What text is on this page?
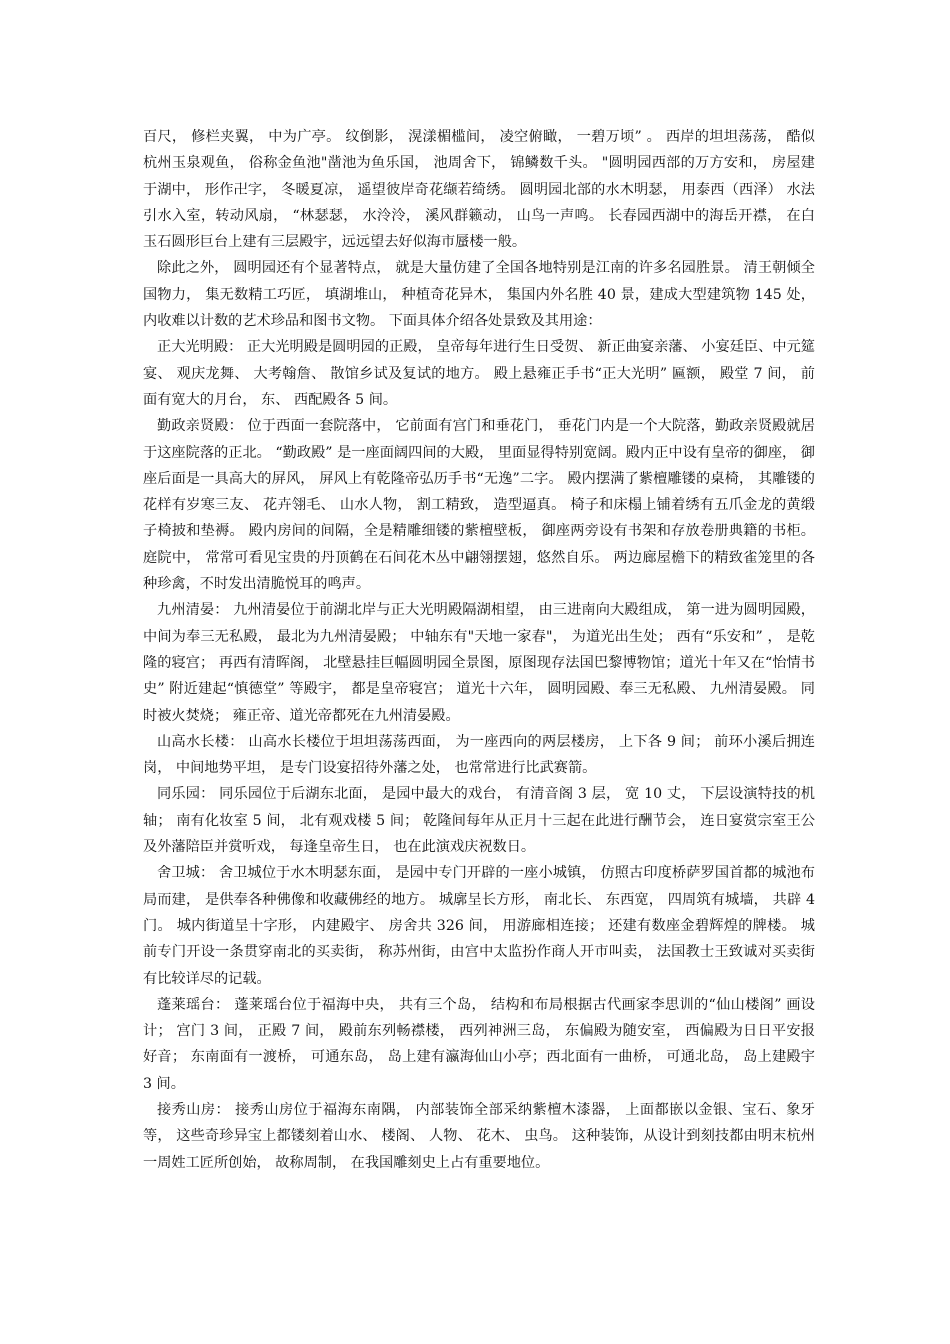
百尺， 修栏夹翼， 中为广亭。 纹倒影， 滉漾楣槛间， 凌空俯瞰， 一碧万顷” 。 西岸的坦坦荡荡， 酷似杭州玉泉观鱼， 俗称金鱼池"凿池为鱼乐国， 池周舍下， 锦鳞数千头。 "圆明园西部的万方安和， 房屋建于湖中， 形作卍字， 冬暖夏凉， 遥望彼岸奇花缬若绮绣。 圆明园北部的水木明瑟， 用泰西（西泽） 水法引水入室，转动风扇， “林瑟瑟， 水泠泠， 溪风群籁动， 山鸟一声鸣。 长春园西湖中的海岳开襟， 在白玉石圆形巨台上建有三层殿宇，远远望去好似海市蜃楼一般。

除此之外， 圆明园还有个显著特点， 就是大量仿建了全国各地特别是江南的许多名园胜景。 清王朝倾全国物力， 集无数精工巧匠， 填湖堆山， 种植奇花异木， 集国内外名胜 40 景，建成大型建筑物 145 处， 内收难以计数的艺术珍品和图书文物。 下面具体介绍各处景致及其用途：

正大光明殿： 正大光明殿是圆明园的正殿， 皇帝每年进行生日受贺、 新正曲宴亲藩、 小宴廷臣、中元筵宴、 观庆龙舞、 大考翰詹、 散馆乡试及复试的地方。 殿上悬雍正手书“正大光明” 匾额， 殿堂 7 间， 前面有宽大的月台， 东、 西配殿各 5 间。

勤政亲贤殿： 位于西面一套院落中， 它前面有宫门和垂花门， 垂花门内是一个大院落，勤政亲贤殿就居于这座院落的正北。 “勤政殿” 是一座面阔四间的大殿， 里面显得特别宽阔。殿内正中设有皇帝的御座， 御座后面是一具高大的屏风， 屏风上有乾隆帝弘历手书“无逸”二字。 殿内摆满了紫檀雕镂的桌椅， 其雕镂的花样有岁寒三友、 花卉翎毛、 山水人物， 割工精致， 造型逼真。 椅子和床榻上铺着绣有五爪金龙的黄缎子椅披和垫褥。 殿内房间的间隔，全是精雕细镂的紫檀壁板， 御座两旁设有书架和存放卷册典籍的书柜。 庭院中， 常常可看见宝贵的丹顶鹤在石间花木丛中翩翎摆翅，悠然自乐。 两边廊屋檐下的精致雀笼里的各种珍禽，不时发出清脆悦耳的鸣声。

九州清晏： 九州清晏位于前湖北岸与正大光明殿隔湖相望， 由三进南向大殿组成， 第一进为圆明园殿， 中间为奉三无私殿， 最北为九州清晏殿； 中轴东有"天地一家春"， 为道光出生处； 西有“乐安和” ， 是乾隆的寝宫； 再西有清晖阁， 北壁悬挂巨幅圆明园全景图，原图现存法国巴黎博物馆；道光十年又在“怡情书史” 附近建起“慎德堂” 等殿宇， 都是皇帝寝宫； 道光十六年， 圆明园殿、奉三无私殿、 九州清晏殿。 同时被火焚烧； 雍正帝、道光帝都死在九州清晏殿。

山高水长楼： 山高水长楼位于坦坦荡荡西面， 为一座西向的两层楼房， 上下各 9 间； 前环小溪后拥连岗， 中间地势平坦， 是专门设宴招待外藩之处， 也常常进行比武赛箭。

同乐园： 同乐园位于后湖东北面， 是园中最大的戏台， 有清音阁 3 层， 宽 10 丈， 下层设演特技的机轴； 南有化妆室 5 间， 北有观戏楼 5 间； 乾隆间每年从正月十三起在此进行酬节会， 连日宴赏宗室王公及外藩陪臣并赏听戏， 每逢皇帝生日， 也在此演戏庆祝数日。

舍卫城： 舍卫城位于水木明瑟东面， 是园中专门开辟的一座小城镇， 仿照古印度桥萨罗国首都的城池布局而建， 是供奉各种佛像和收藏佛经的地方。 城廓呈长方形， 南北长、 东西宽， 四周筑有城墙， 共辟 4 门。 城内街道呈十字形， 内建殿宇、 房舍共 326 间， 用游廊相连接； 还建有数座金碧辉煌的牌楼。 城前专门开设一条贯穿南北的买卖街， 称苏州街，由宫中太监扮作商人开市叫卖， 法国教士王致诚对买卖街有比较详尽的记载。

蓬莱瑶台： 蓬莱瑶台位于福海中央， 共有三个岛， 结构和布局根据古代画家李思训的“仙山楼阁” 画设计； 宫门 3 间， 正殿 7 间， 殿前东列畅襟楼， 西列神洲三岛， 东偏殿为随安室， 西偏殿为日日平安报好音； 东南面有一渡桥， 可通东岛， 岛上建有瀛海仙山小亭；西北面有一曲桥， 可通北岛， 岛上建殿宇 3 间。

接秀山房： 接秀山房位于福海东南隅， 内部装饰全部采纳紫檀木漆器， 上面都嵌以金银、宝石、象牙等， 这些奇珍异宝上都镂刻着山水、 楼阁、 人物、 花木、 虫鸟。 这种装饰，从设计到刻技都由明末杭州一周姓工匠所创始， 故称周制， 在我国雕刻史上占有重要地位。
